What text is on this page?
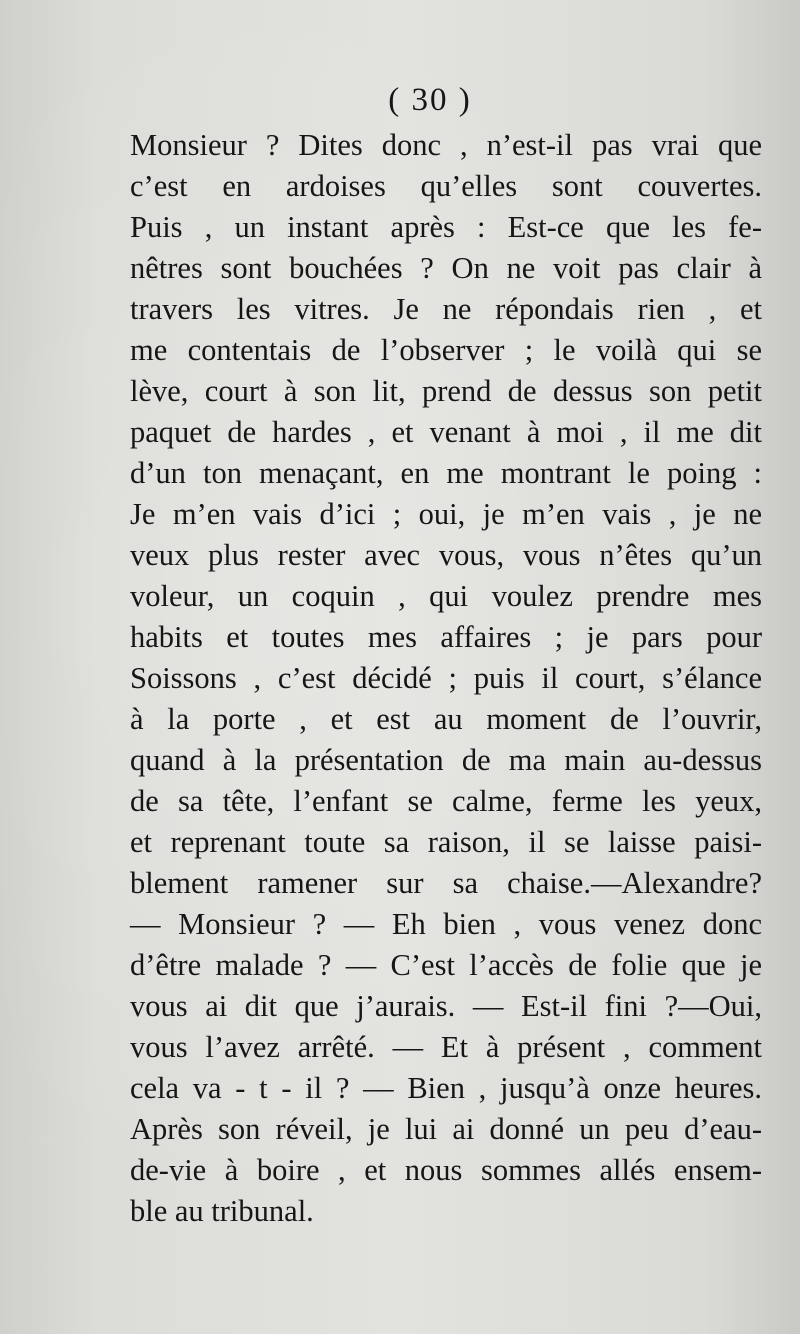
( 30 )
Monsieur ? Dites donc , n’est-il pas vrai que
c’est en ardoises qu’elles sont couvertes.
Puis , un instant après : Est-ce que les fe-
nêtres sont bouchées ? On ne voit pas clair à
travers les vitres. Je ne répondais rien , et
me contentais de l’observer ; le voilà qui se
lève, court à son lit, prend de dessus son petit
paquet de hardes , et venant à moi , il me dit
d’un ton menaçant, en me montrant le poing :
Je m’en vais d’ici ; oui, je m’en vais , je ne
veux plus rester avec vous, vous n’êtes qu’un
voleur, un coquin , qui voulez prendre mes
habits et toutes mes affaires ; je pars pour
Soissons , c’est décidé ; puis il court, s’élance
à la porte , et est au moment de l’ouvrir,
quand à la présentation de ma main au-dessus
de sa tête, l’enfant se calme, ferme les yeux,
et reprenant toute sa raison, il se laisse paisi-
blement ramener sur sa chaise.—Alexandre?
— Monsieur ? — Eh bien , vous venez donc
d’être malade ? — C’est l’accès de folie que je
vous ai dit que j’aurais. — Est-il fini ?—Oui,
vous l’avez arrêté. — Et à présent , comment
cela va - t - il ? — Bien , jusqu’à onze heures.
Après son réveil, je lui ai donné un peu d’eau-
de-vie à boire , et nous sommes allés ensem-
ble au tribunal.
